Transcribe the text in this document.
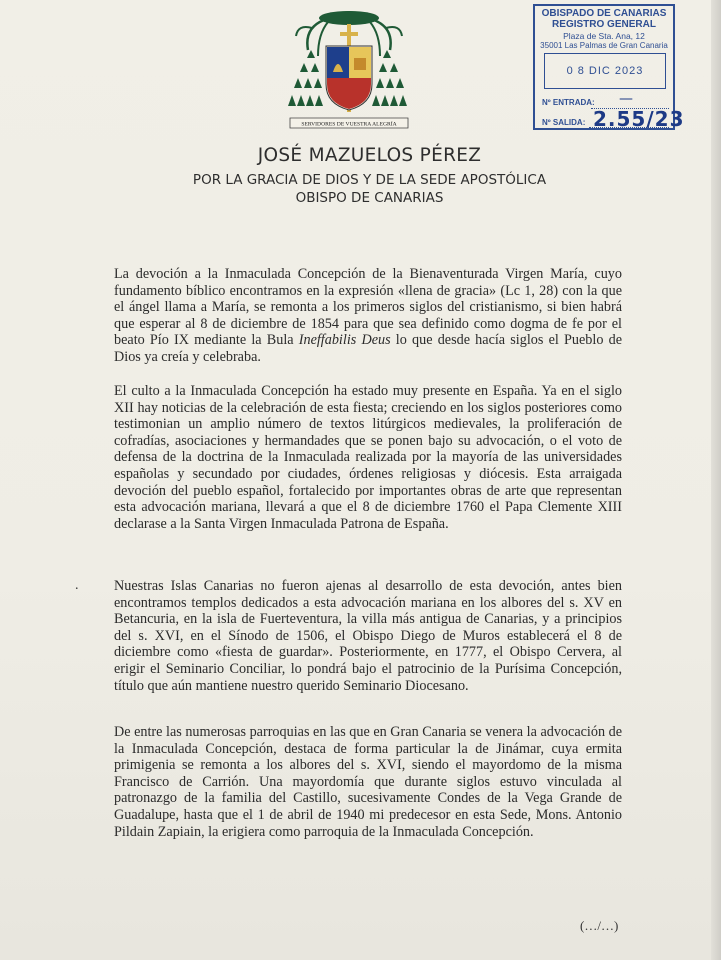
SERVIDORES DE VUESTRA ALEGRÍA
OBISPADO DE CANARIAS
REGISTRO GENERAL
Plaza de Sta. Ana, 12
35001 Las Palmas de Gran Canaria
0 8 DIC 2023
Nº ENTRADA: —
Nº SALIDA: 2.55/23
JOSÉ MAZUELOS PÉREZ
POR LA GRACIA DE DIOS Y DE LA SEDE APOSTÓLICA
OBISPO DE CANARIAS
La devoción a la Inmaculada Concepción de la Bienaventurada Virgen María, cuyo fundamento bíblico encontramos en la expresión «llena de gracia» (Lc 1, 28) con la que el ángel llama a María, se remonta a los primeros siglos del cristianismo, si bien habrá que esperar al 8 de diciembre de 1854 para que sea definido como dogma de fe por el beato Pío IX mediante la Bula Ineffabilis Deus lo que desde hacía siglos el Pueblo de Dios ya creía y celebraba.
El culto a la Inmaculada Concepción ha estado muy presente en España. Ya en el siglo XII hay noticias de la celebración de esta fiesta; creciendo en los siglos posteriores como testimonian un amplio número de textos litúrgicos medievales, la proliferación de cofradías, asociaciones y hermandades que se ponen bajo su advocación, o el voto de defensa de la doctrina de la Inmaculada realizada por la mayoría de las universidades españolas y secundado por ciudades, órdenes religiosas y diócesis. Esta arraigada devoción del pueblo español, fortalecido por importantes obras de arte que representan esta advocación mariana, llevará a que el 8 de diciembre 1760 el Papa Clemente XIII declarase a la Santa Virgen Inmaculada Patrona de España.
.	Nuestras Islas Canarias no fueron ajenas al desarrollo de esta devoción, antes bien encontramos templos dedicados a esta advocación mariana en los albores del s. XV en Betancuria, en la isla de Fuerteventura, la villa más antigua de Canarias, y a principios del s. XVI, en el Sínodo de 1506, el Obispo Diego de Muros establecerá el 8 de diciembre como «fiesta de guardar». Posteriormente, en 1777, el Obispo Cervera, al erigir el Seminario Conciliar, lo pondrá bajo el patrocinio de la Purísima Concepción, título que aún mantiene nuestro querido Seminario Diocesano.
De entre las numerosas parroquias en las que en Gran Canaria se venera la advocación de la Inmaculada Concepción, destaca de forma particular la de Jinámar, cuya ermita primigenia se remonta a los albores del s. XVI, siendo el mayordomo de la misma Francisco de Carrión. Una mayordomía que durante siglos estuvo vinculada al patronazgo de la familia del Castillo, sucesivamente Condes de la Vega Grande de Guadalupe, hasta que el 1 de abril de 1940 mi predecesor en esta Sede, Mons. Antonio Pildain Zapiain, la erigiera como parroquia de la Inmaculada Concepción.
(…/…)
